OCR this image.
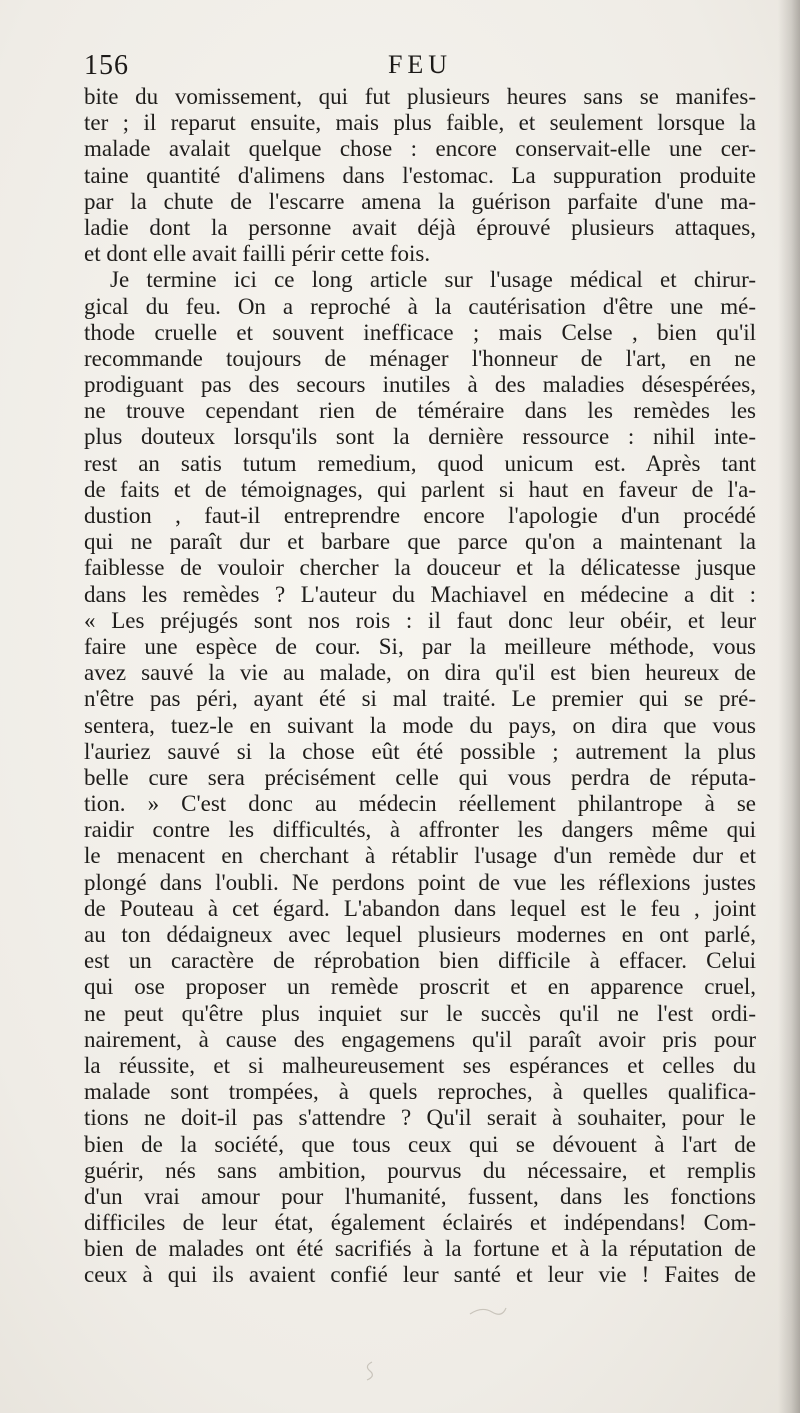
156	FEU
bite du vomissement, qui fut plusieurs heures sans se manifes-
ter ; il reparut ensuite, mais plus faible, et seulement lorsque la
malade avalait quelque chose : encore conservait-elle une cer-
taine quantité d'alimens dans l'estomac. La suppuration produite
par la chute de l'escarre amena la guérison parfaite d'une ma-
ladie dont la personne avait déjà éprouvé plusieurs attaques,
et dont elle avait failli périr cette fois.
Je termine ici ce long article sur l'usage médical et chirur-
gical du feu. On a reproché à la cautérisation d'être une mé-
thode cruelle et souvent inefficace ; mais Celse , bien qu'il
recommande toujours de ménager l'honneur de l'art, en ne
prodiguant pas des secours inutiles à des maladies désespérées,
ne trouve cependant rien de téméraire dans les remèdes les
plus douteux lorsqu'ils sont la dernière ressource : nihil inte-
rest an satis tutum remedium, quod unicum est. Après tant
de faits et de témoignages, qui parlent si haut en faveur de l'a-
dustion , faut-il entreprendre encore l'apologie d'un procédé
qui ne paraît dur et barbare que parce qu'on a maintenant la
faiblesse de vouloir chercher la douceur et la délicatesse jusque
dans les remèdes ? L'auteur du Machiavel en médecine a dit :
« Les préjugés sont nos rois : il faut donc leur obéir, et leur
faire une espèce de cour. Si, par la meilleure méthode, vous
avez sauvé la vie au malade, on dira qu'il est bien heureux de
n'être pas péri, ayant été si mal traité. Le premier qui se pré-
sentera, tuez-le en suivant la mode du pays, on dira que vous
l'auriez sauvé si la chose eût été possible ; autrement la plus
belle cure sera précisément celle qui vous perdra de réputa-
tion. » C'est donc au médecin réellement philantrope à se
raidir contre les difficultés, à affronter les dangers même qui
le menacent en cherchant à rétablir l'usage d'un remède dur et
plongé dans l'oubli. Ne perdons point de vue les réflexions justes
de Pouteau à cet égard. L'abandon dans lequel est le feu , joint
au ton dédaigneux avec lequel plusieurs modernes en ont parlé,
est un caractère de réprobation bien difficile à effacer. Celui
qui ose proposer un remède proscrit et en apparence cruel,
ne peut qu'être plus inquiet sur le succès qu'il ne l'est ordi-
nairement, à cause des engagemens qu'il paraît avoir pris pour
la réussite, et si malheureusement ses espérances et celles du
malade sont trompées, à quels reproches, à quelles qualifica-
tions ne doit-il pas s'attendre ? Qu'il serait à souhaiter, pour le
bien de la société, que tous ceux qui se dévouent à l'art de
guérir, nés sans ambition, pourvus du nécessaire, et remplis
d'un vrai amour pour l'humanité, fussent, dans les fonctions
difficiles de leur état, également éclairés et indépendans! Com-
bien de malades ont été sacrifiés à la fortune et à la réputation de
ceux à qui ils avaient confié leur santé et leur vie ! Faites de
